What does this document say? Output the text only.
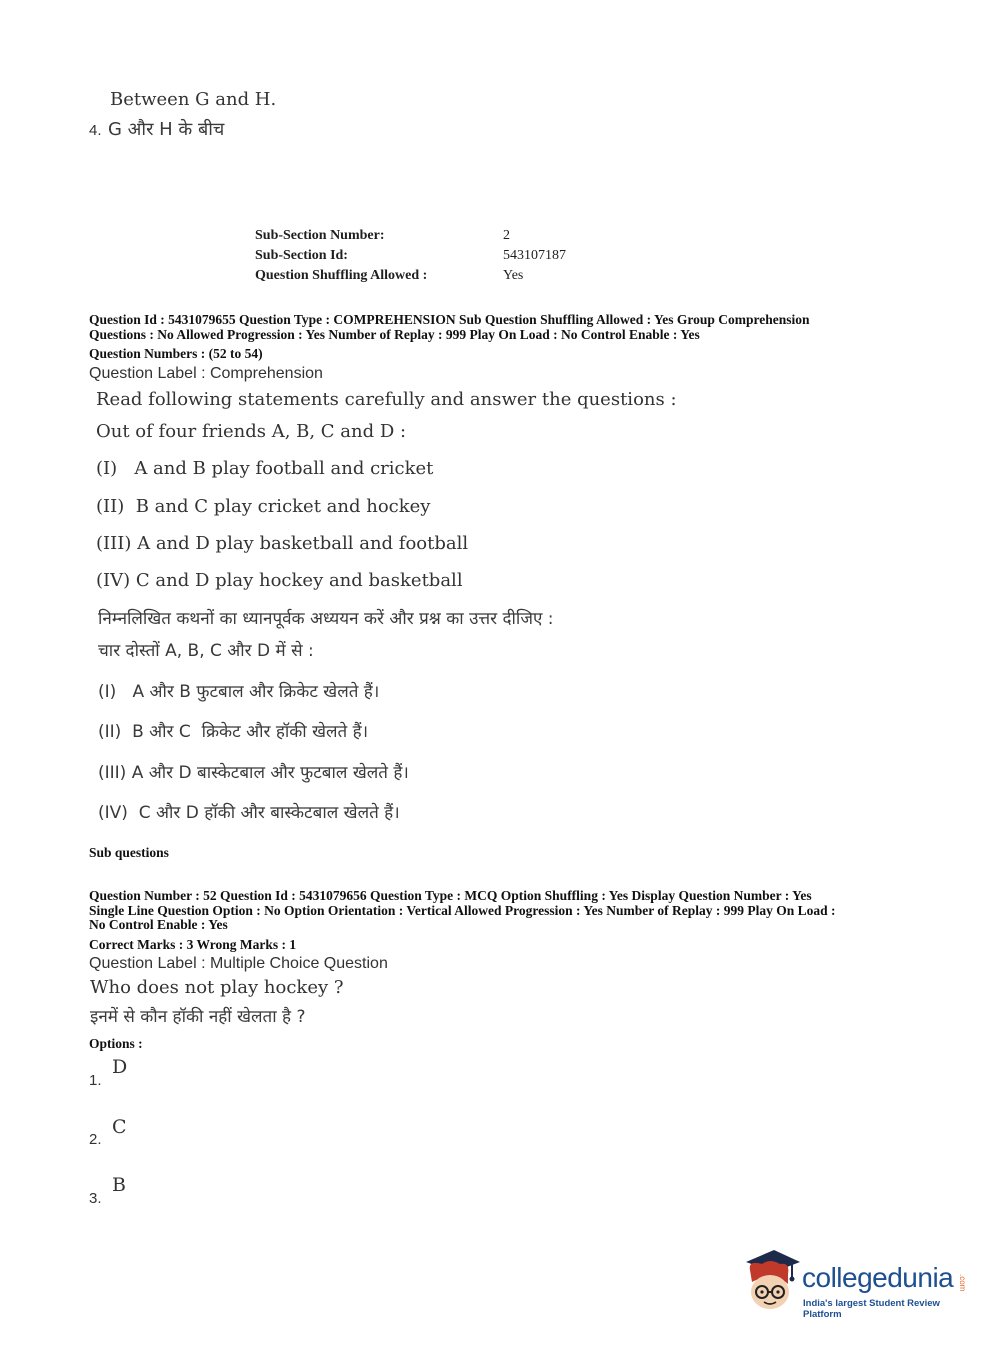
Between G and H.
4. G और H के बीच
Sub-Section Number:	2
Sub-Section Id:	543107187
Question Shuffling Allowed :	Yes
Question Id : 5431079655 Question Type : COMPREHENSION Sub Question Shuffling Allowed : Yes Group Comprehension
Questions : No Allowed Progression : Yes Number of Replay : 999 Play On Load : No Control Enable : Yes
Question Numbers : (52 to 54)
Question Label : Comprehension
Read following statements carefully and answer the questions :
Out of four friends A, B, C and D :
(I)   A and B play football and cricket
(II)  B and C play cricket and hockey
(III) A and D play basketball and football
(IV) C and D play hockey and basketball
निम्नलिखित कथनों का ध्यानपूर्वक अध्ययन करें और प्रश्न का उत्तर दीजिए :
चार दोस्तों A, B, C और D में से :
(I)   A और B फुटबाल और क्रिकेट खेलते हैं।
(II)  B और C  क्रिकेट और हॉकी खेलते हैं।
(III) A और D बास्केटबाल और फुटबाल खेलते हैं।
(IV)  C और D हॉकी और बास्केटबाल खेलते हैं।
Sub questions
Question Number : 52 Question Id : 5431079656 Question Type : MCQ Option Shuffling : Yes Display Question Number : Yes
Single Line Question Option : No Option Orientation : Vertical Allowed Progression : Yes Number of Replay : 999 Play On Load :
No Control Enable : Yes
Correct Marks : 3 Wrong Marks : 1
Question Label : Multiple Choice Question
Who does not play hockey ?
इनमें से कौन हॉकी नहीं खेलता है ?
Options :
1.
D
2.
C
3.
B
collegedunia .com
India's largest Student Review Platform
